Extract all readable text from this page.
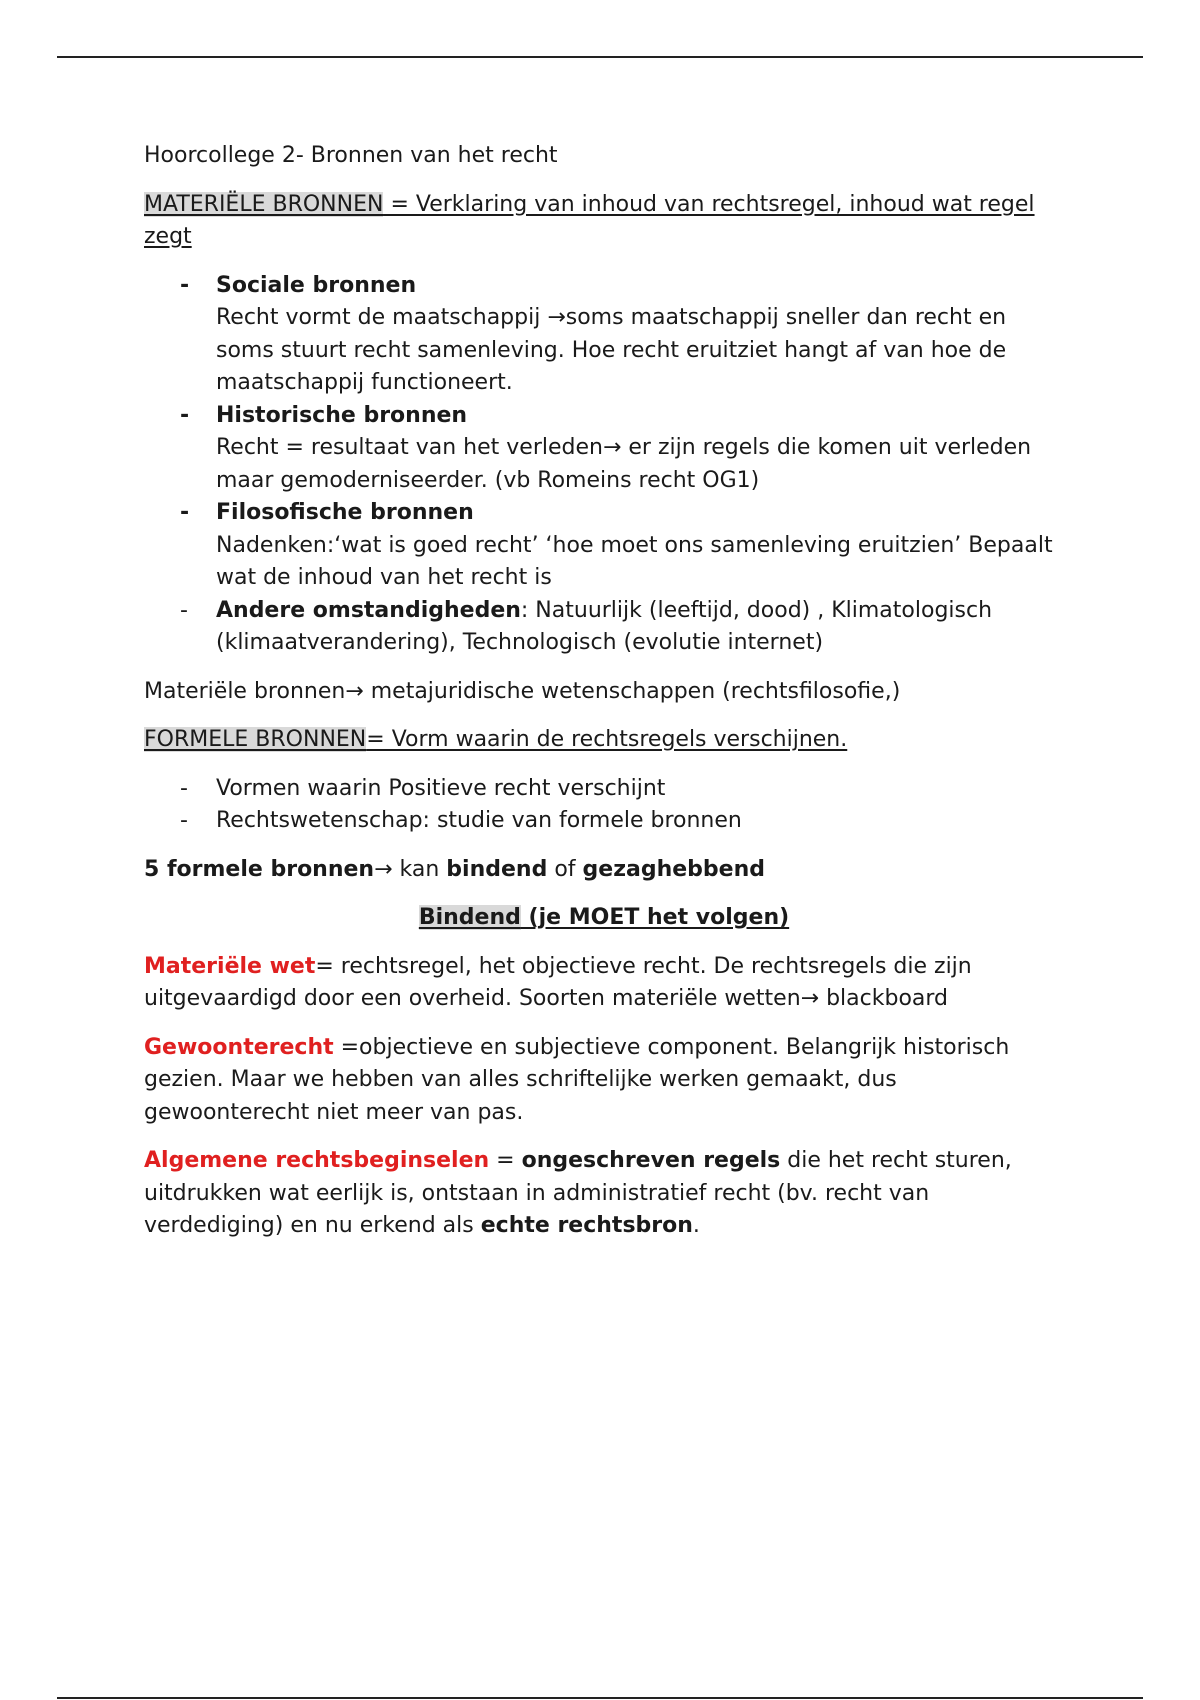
Hoorcollege 2- Bronnen van het recht

MATERIËLE BRONNEN = Verklaring van inhoud van rechtsregel, inhoud wat regel zegt

- Sociale bronnen
Recht vormt de maatschappij →soms maatschappij sneller dan recht en soms stuurt recht samenleving. Hoe recht eruitziet hangt af van hoe de maatschappij functioneert.
- Historische bronnen
Recht = resultaat van het verleden→ er zijn regels die komen uit verleden maar gemoderniseerder. (vb Romeins recht OG1)
- Filosofische bronnen
Nadenken:‘wat is goed recht’ ‘hoe moet ons samenleving eruitzien’ Bepaalt wat de inhoud van het recht is
- Andere omstandigheden: Natuurlijk (leeftijd, dood) , Klimatologisch (klimaatverandering), Technologisch (evolutie internet)

Materiële bronnen→ metajuridische wetenschappen (rechtsfilosofie,)

FORMELE BRONNEN= Vorm waarin de rechtsregels verschijnen.

- Vormen waarin Positieve recht verschijnt
- Rechtswetenschap: studie van formele bronnen

5 formele bronnen→ kan bindend of gezaghebbend

Bindend (je MOET het volgen)

Materiële wet= rechtsregel, het objectieve recht. De rechtsregels die zijn uitgevaardigd door een overheid. Soorten materiële wetten→ blackboard

Gewoonterecht =objectieve en subjectieve component. Belangrijk historisch gezien. Maar we hebben van alles schriftelijke werken gemaakt, dus gewoonterecht niet meer van pas.

Algemene rechtsbeginselen = ongeschreven regels die het recht sturen, uitdrukken wat eerlijk is, ontstaan in administratief recht (bv. recht van verdediging) en nu erkend als echte rechtsbron.
